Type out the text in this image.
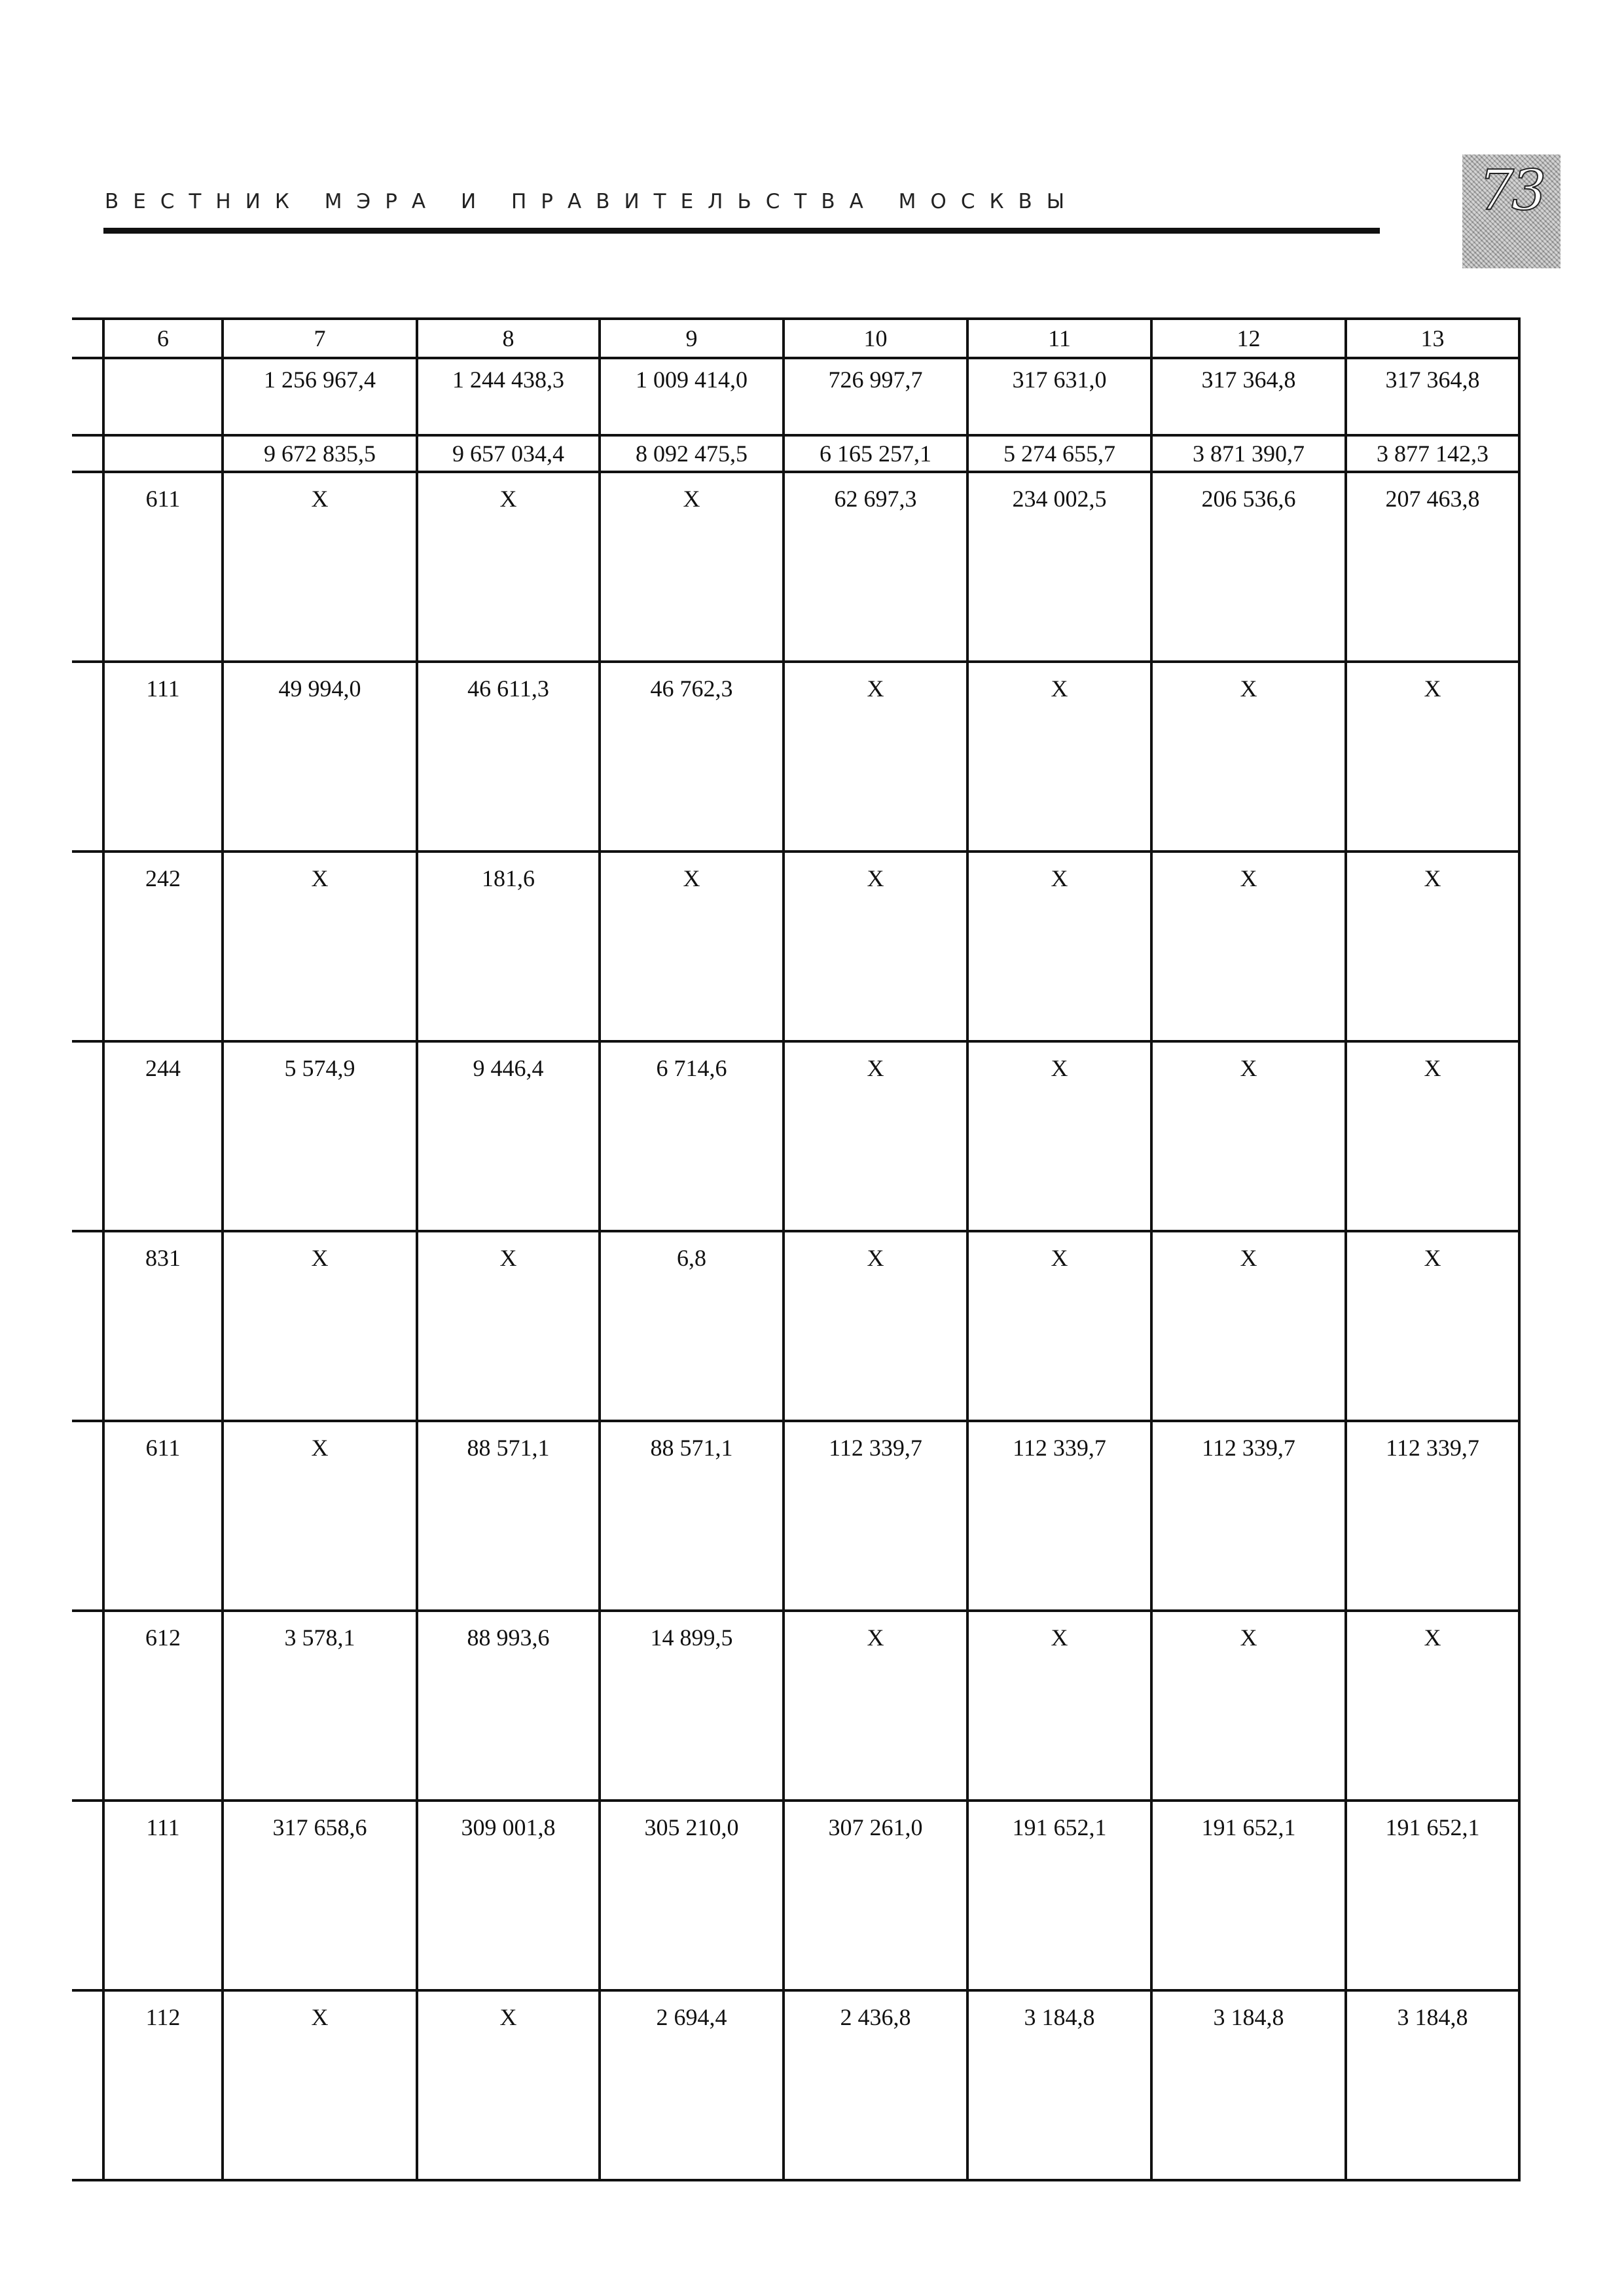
ВЕСТНИК МЭРА И ПРАВИТЕЛЬСТВА МОСКВЫ	73
	6	7	8	9	10	11	12	13
		1 256 967,4	1 244 438,3	1 009 414,0	726 997,7	317 631,0	317 364,8	317 364,8
		9 672 835,5	9 657 034,4	8 092 475,5	6 165 257,1	5 274 655,7	3 871 390,7	3 877 142,3
	611	Х	Х	Х	62 697,3	234 002,5	206 536,6	207 463,8
	111	49 994,0	46 611,3	46 762,3	Х	Х	Х	Х
	242	Х	181,6	Х	Х	Х	Х	Х
	244	5 574,9	9 446,4	6 714,6	Х	Х	Х	Х
	831	Х	Х	6,8	Х	Х	Х	Х
	611	Х	88 571,1	88 571,1	112 339,7	112 339,7	112 339,7	112 339,7
	612	3 578,1	88 993,6	14 899,5	Х	Х	Х	Х
	111	317 658,6	309 001,8	305 210,0	307 261,0	191 652,1	191 652,1	191 652,1
	112	Х	Х	2 694,4	2 436,8	3 184,8	3 184,8	3 184,8
